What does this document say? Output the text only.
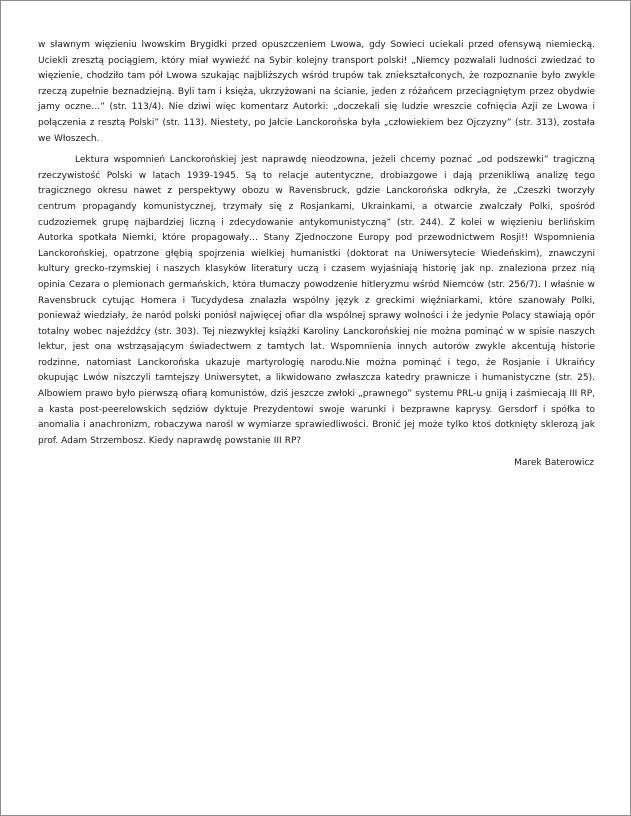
w sławnym więzieniu lwowskim Brygidki przed opuszczeniem Lwowa, gdy Sowieci uciekali przed ofensywą niemiecką. Uciekli zresztą pociągiem, który miał wywieźć na Sybir kolejny transport polski! „Niemcy pozwalali ludności zwiedzać to więzienie, chodziło tam pół Lwowa szukając najbliższych wśród trupów tak zniekształconych, że rozpoznanie było zwykle rzeczą zupełnie beznadziejną. Byli tam i księża, ukrzyżowani na ścianie, jeden z różańcem przeciągniętym przez obydwie jamy oczne…” (str. 113/4). Nie dziwi więc komentarz Autorki: „doczekali się ludzie wreszcie cofnięcia Azji ze Lwowa i połączenia z resztą Polski” (str. 113). Niestety, po Jałcie Lanckorońska była „człowiekiem bez Ojczyzny” (str. 313), została we Włoszech.

Lektura wspomnień Lanckorońskiej jest naprawdę nieodzowna, jeżeli chcemy poznać „od podszewki” tragiczną rzeczywistość Polski w latach 1939-1945. Są to relacje autentyczne, drobiazgowe i dają przenikliwą analizę tego tragicznego okresu nawet z perspektywy obozu w Ravensbruck, gdzie Lanckorońska odkryła, że „Czeszki tworzyły centrum propagandy komunistycznej, trzymały się z Rosjankami, Ukrainkami, a otwarcie zwalczały Polki, spośród cudzoziemek grupę najbardziej liczną i zdecydowanie antykomunistyczną” (str. 244). Z kolei w więzieniu berlińskim Autorka spotkała Niemki, które propagowały… Stany Zjednoczone Europy pod przewodnictwem Rosji!! Wspomnienia Lanckorońskiej, opatrzone głębią spojrzenia wielkiej humanistki (doktorat na Uniwersytecie Wiedeńskim), znawczyni kultury grecko-rzymskiej i naszych klasyków literatury uczą i czasem wyjaśniają historię jak np. znaleziona przez nią opinia Cezara o plemionach germańskich, która tłumaczy powodzenie hitleryzmu wśród Niemców (str. 256/7). I właśnie w Ravensbruck cytując Homera i Tucydydesa znalazła wspólny język z greckimi więźniarkami, które szanowały Polki, ponieważ wiedziały, że naród polski poniósł najwięcej ofiar dla wspólnej sprawy wolności i że jedynie Polacy stawiają opór totalny wobec najeźdźcy (str. 303). Tej niezwykłej książki Karoliny Lanckorońskiej nie można pominąć w w spisie naszych lektur, jest ona wstrząsającym świadectwem z tamtych lat. Wspomnienia innych autorów zwykle akcentują historie rodzinne, natomiast Lanckorońska ukazuje martyrologię narodu.Nie można pominąć i tego, że Rosjanie i Ukraińcy okupując Lwów niszczyli tamtejszy Uniwersytet, a likwidowano zwłaszcza katedry prawnicze i humanistyczne (str. 25). Albowiem prawo było pierwszą ofiarą komunistów, dziś jeszcze zwłoki „prawnego” systemu PRL-u gniją i zaśmiecają III RP, a kasta post-peerelowskich sędziów dyktuje Prezydentowi swoje warunki i bezprawne kaprysy. Gersdorf i spółka to anomalia i anachronizm, robaczywa narośl w wymiarze sprawiedliwości. Bronić jej może tylko ktoś dotknięty sklerozą jak prof. Adam Strzembosz. Kiedy naprawdę powstanie III RP?

Marek Baterowicz
